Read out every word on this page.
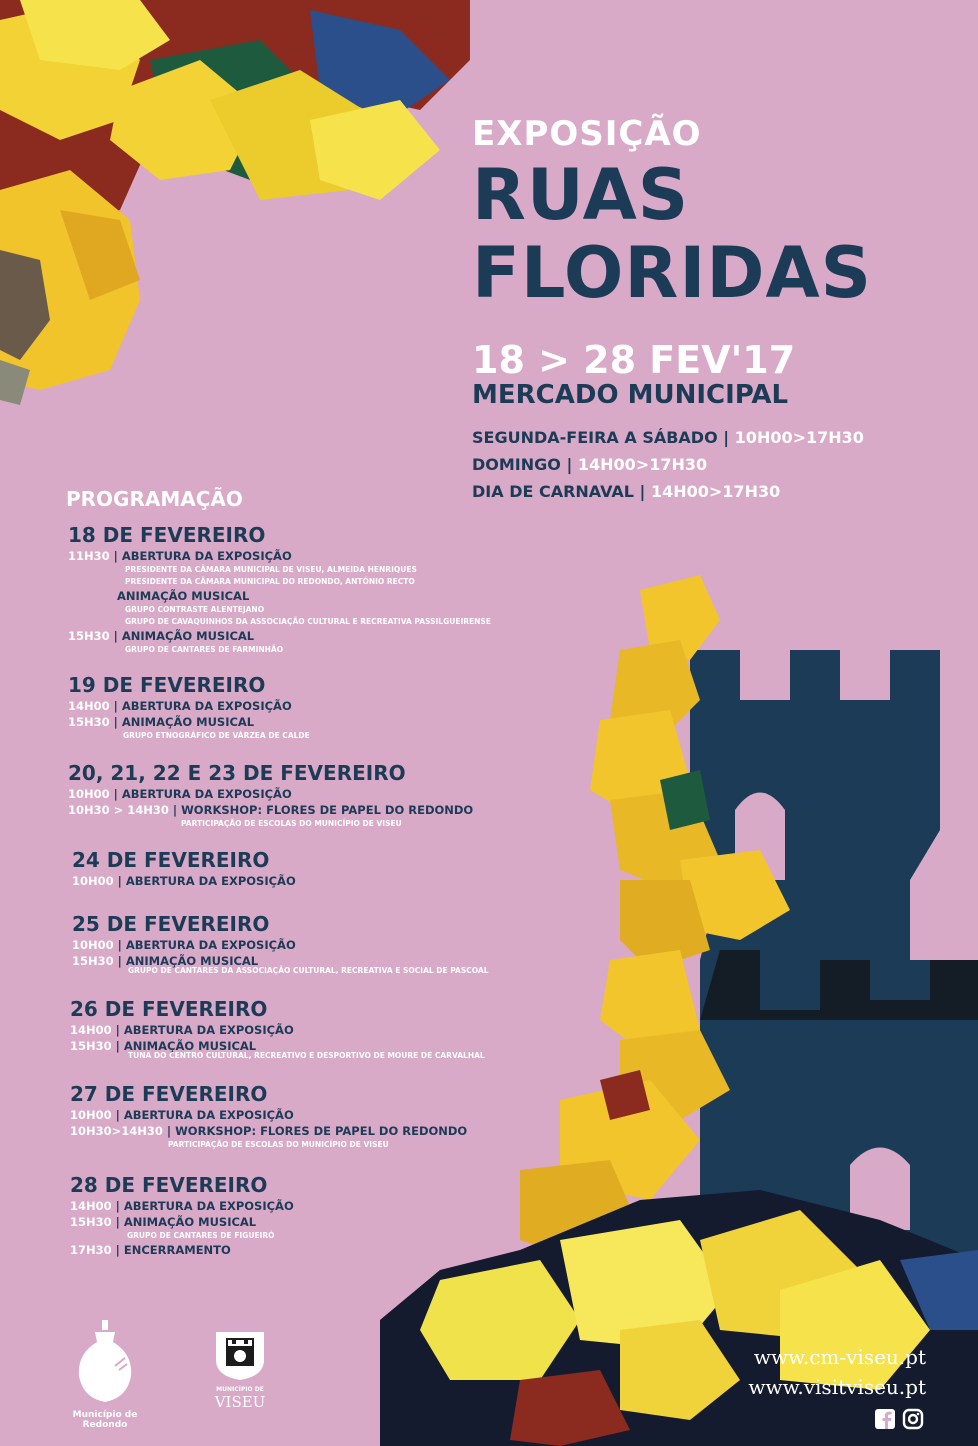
EXPOSIÇÃO
RUAS
FLORIDAS
18 > 28 FEV'17
MERCADO MUNICIPAL
SEGUNDA-FEIRA A SÁBADO | 10H00>17H30
DOMINGO | 14H00>17H30
DIA DE CARNAVAL | 14H00>17H30
PROGRAMAÇÃO
18 DE FEVEREIRO
11H30 | ABERTURA DA EXPOSIÇÃO
PRESIDENTE DA CÂMARA MUNICIPAL DE VISEU, ALMEIDA HENRIQUES
PRESIDENTE DA CÂMARA MUNICIPAL DO REDONDO, ANTÓNIO RECTO
ANIMAÇÃO MUSICAL
GRUPO CONTRASTE ALENTEJANO
GRUPO DE CAVAQUINHOS DA ASSOCIAÇÃO CULTURAL E RECREATIVA PASSILGUEIRENSE
15H30 | ANIMAÇÃO MUSICAL
GRUPO DE CANTARES DE FARMINHÃO
19 DE FEVEREIRO
14H00 | ABERTURA DA EXPOSIÇÃO
15H30 | ANIMAÇÃO MUSICAL
GRUPO ETNOGRÁFICO DE VÁRZEA DE CALDE
20, 21, 22 E 23 DE FEVEREIRO
10H00 | ABERTURA DA EXPOSIÇÃO
10H30 > 14H30 | WORKSHOP: FLORES DE PAPEL DO REDONDO
PARTICIPAÇÃO DE ESCOLAS DO MUNICÍPIO DE VISEU
24 DE FEVEREIRO
10H00 | ABERTURA DA EXPOSIÇÃO
25 DE FEVEREIRO
10H00 | ABERTURA DA EXPOSIÇÃO
15H30 | ANIMAÇÃO MUSICAL
GRUPO DE CANTARES DA ASSOCIAÇÃO CULTURAL, RECREATIVA E SOCIAL DE PASCOAL
26 DE FEVEREIRO
14H00 | ABERTURA DA EXPOSIÇÃO
15H30 | ANIMAÇÃO MUSICAL
TUNA DO CENTRO CULTURAL, RECREATIVO E DESPORTIVO DE MOURE DE CARVALHAL
27 DE FEVEREIRO
10H00 | ABERTURA DA EXPOSIÇÃO
10H30>14H30 | WORKSHOP: FLORES DE PAPEL DO REDONDO
PARTICIPAÇÃO DE ESCOLAS DO MUNICÍPIO DE VISEU
28 DE FEVEREIRO
14H00 | ABERTURA DA EXPOSIÇÃO
15H30 | ANIMAÇÃO MUSICAL
GRUPO DE CANTARES DE FIGUEIRÓ
17H30 | ENCERRAMENTO
Município de Redondo
MUNICÍPIO DE
VISEU
www.cm-viseu.pt
www.visitviseu.pt
